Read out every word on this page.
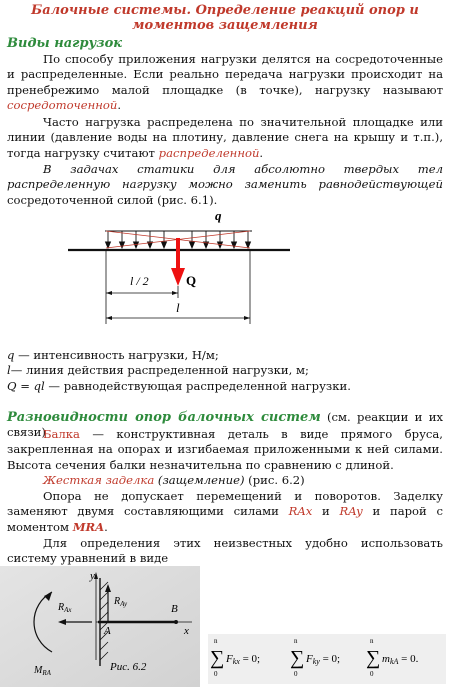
Балочные системы. Определение реакций опор и моментов защемления
Виды нагрузок
По способу приложения нагрузки делятся на сосредоточенные и распределенные. Если реально передача нагрузки происходит на пренебрежимо малой площадке (в точке), нагрузку называют сосредоточенной.
Часто нагрузка распределена по значительной площадке или линии (давление воды на плотину, давление снега на крышу и т.п.), тогда нагрузку считают распределенной.
В задачах статики для абсолютно твердых тел распределенную нагрузку можно заменить равнодействующей сосредоточенной силой (рис. 6.1).
q
Q
l / 2
l
q — интенсивность нагрузки, Н/м;
l— линия действия распределенной нагрузки, м;
Q = ql — равнодействующая распределенной нагрузки.
Разновидности опор балочных систем (см. реакции и их связи)
Балка — конструктивная деталь в виде прямого бруса, закрепленная на опорах и изгибаемая приложенными к ней силами. Высота сечения балки незначительна по сравнению с длиной.
Жесткая заделка (защемление) (рис. 6.2)
Опора не допускает перемещений и поворотов. Заделку заменяют двумя составляющими силами RAx и RAy и парой с моментом MRA.
Для определения этих неизвестных удобно использовать систему уравнений в виде
y
x
B
A
$R_{Ay}$
$R_{Ax}$
$M_{RA}$	Рис. 6.2
n
∑
0
Fkx = 0;
n
∑
0
Fky = 0;
n
∑
0
mkA = 0.
